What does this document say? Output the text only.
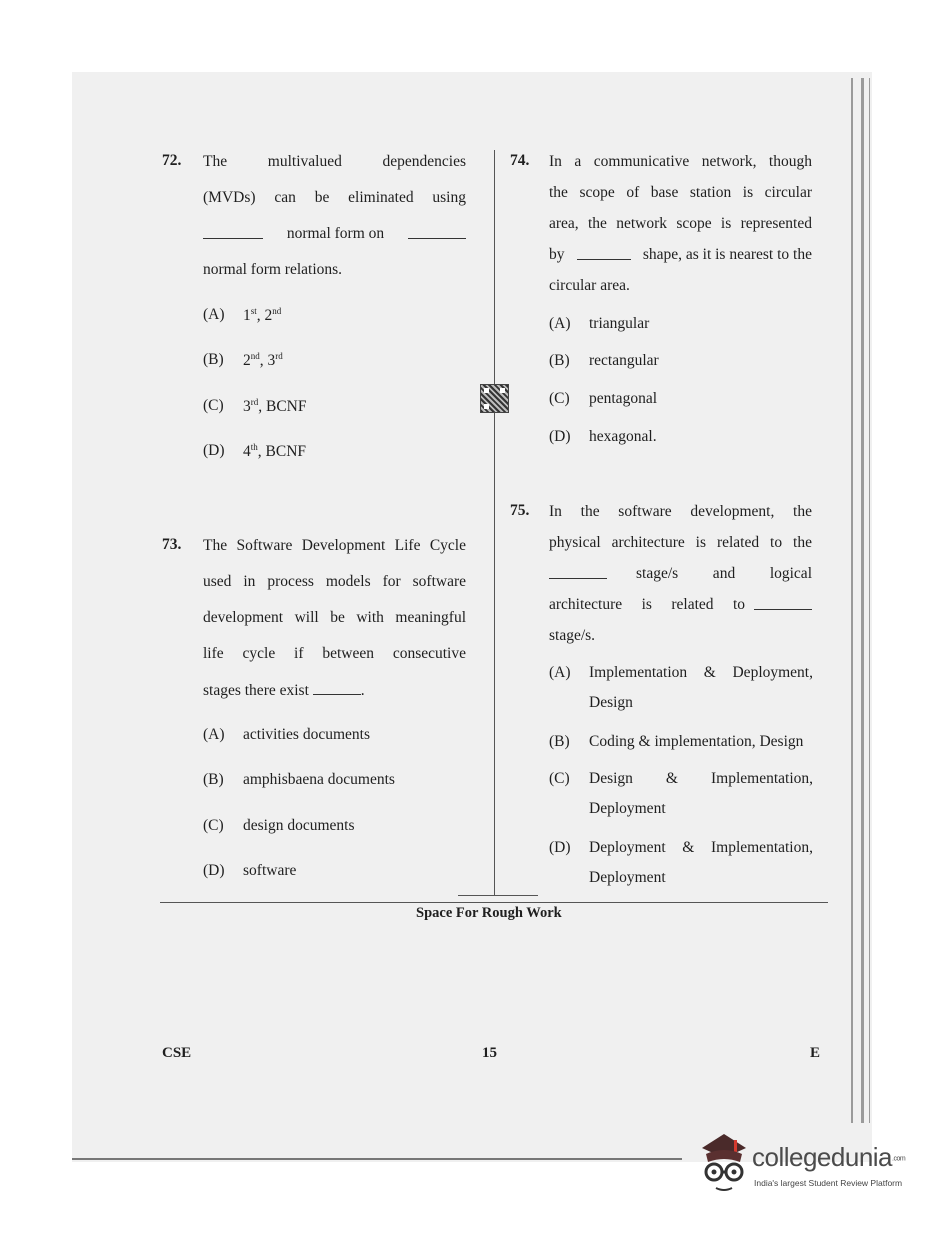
72. The multivalued dependencies
(MVDs) can be eliminated using
normal form on
normal form relations.
(A) 1st, 2nd
(B) 2nd, 3rd
(C) 3rd, BCNF
(D) 4th, BCNF
73. The Software Development Life Cycle
used in process models for software
development will be with meaningful
life cycle if between consecutive
stages there exist	.
(A) activities documents
(B) amphisbaena documents
(C) design documents
(D) software
74. In a communicative network, though
the scope of base station is circular
area, the network scope is represented
by	shape, as it is nearest to the
circular area.
(A) triangular
(B) rectangular
(C) pentagonal
(D) hexagonal.
75. In the software development, the
physical architecture is related to the
stage/s and logical
architecture is related to
stage/s.
(A) Implementation & Deployment,
Design
(B) Coding & implementation, Design
(C) Design & Implementation,
Deployment
(D) Deployment & Implementation,
Deployment
Space For Rough Work
CSE	15	E
collegedunia.com
India's largest Student Review Platform
